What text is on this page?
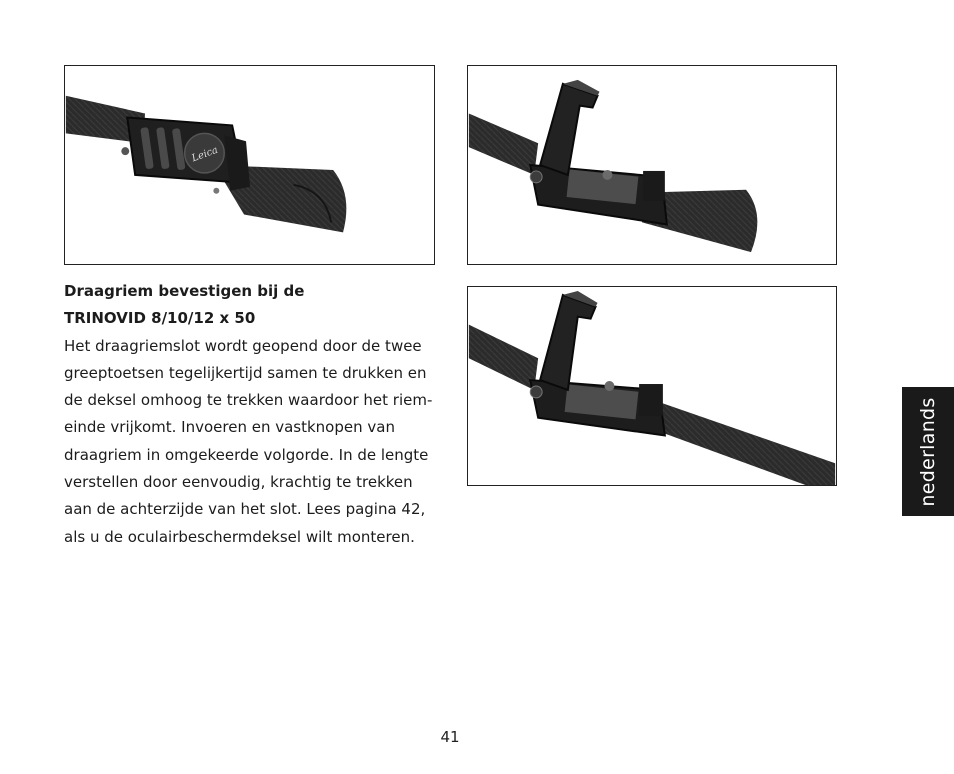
Leica
Draagriem bevestigen bij de
TRINOVID 8/10/12 x 50
Het draagriemslot wordt geopend door de twee
greeptoetsen tegelijkertijd samen te drukken en
de deksel omhoog te trekken waardoor het riem-
einde vrijkomt. Invoeren en vastknopen van
draagriem in omgekeerde volgorde. In de lengte
verstellen door eenvoudig, krachtig te trekken
aan de achterzijde van het slot. Lees pagina 42,
als u de oculairbeschermdeksel wilt monteren.
nederlands
41
